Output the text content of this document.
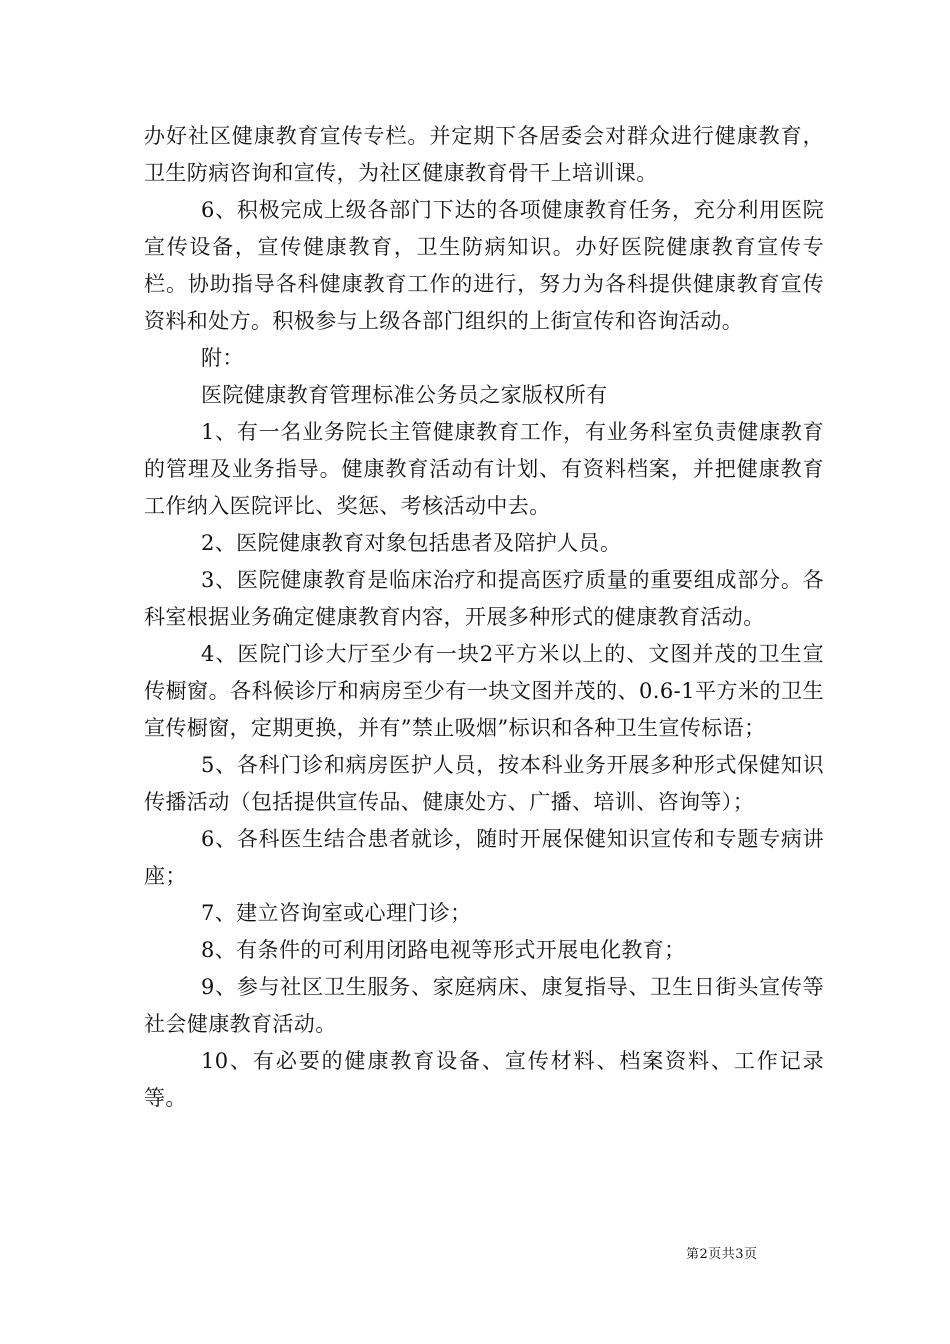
办好社区健康教育宣传专栏。并定期下各居委会对群众进行健康教育，卫生防病咨询和宣传，为社区健康教育骨干上培训课。

6、积极完成上级各部门下达的各项健康教育任务，充分利用医院宣传设备，宣传健康教育，卫生防病知识。办好医院健康教育宣传专栏。协助指导各科健康教育工作的进行，努力为各科提供健康教育宣传资料和处方。积极参与上级各部门组织的上街宣传和咨询活动。

附：

医院健康教育管理标准公务员之家版权所有

1、有一名业务院长主管健康教育工作，有业务科室负责健康教育的管理及业务指导。健康教育活动有计划、有资料档案，并把健康教育工作纳入医院评比、奖惩、考核活动中去。

2、医院健康教育对象包括患者及陪护人员。

3、医院健康教育是临床治疗和提高医疗质量的重要组成部分。各科室根据业务确定健康教育内容，开展多种形式的健康教育活动。

4、医院门诊大厅至少有一块2平方米以上的、文图并茂的卫生宣传橱窗。各科候诊厅和病房至少有一块文图并茂的、0.6-1平方米的卫生宣传橱窗，定期更换，并有”禁止吸烟”标识和各种卫生宣传标语；

5、各科门诊和病房医护人员，按本科业务开展多种形式保健知识传播活动（包括提供宣传品、健康处方、广播、培训、咨询等）；

6、各科医生结合患者就诊，随时开展保健知识宣传和专题专病讲座；

7、建立咨询室或心理门诊；

8、有条件的可利用闭路电视等形式开展电化教育；

9、参与社区卫生服务、家庭病床、康复指导、卫生日街头宣传等社会健康教育活动。

10、有必要的健康教育设备、宣传材料、档案资料、工作记录等。

第2页共3页
